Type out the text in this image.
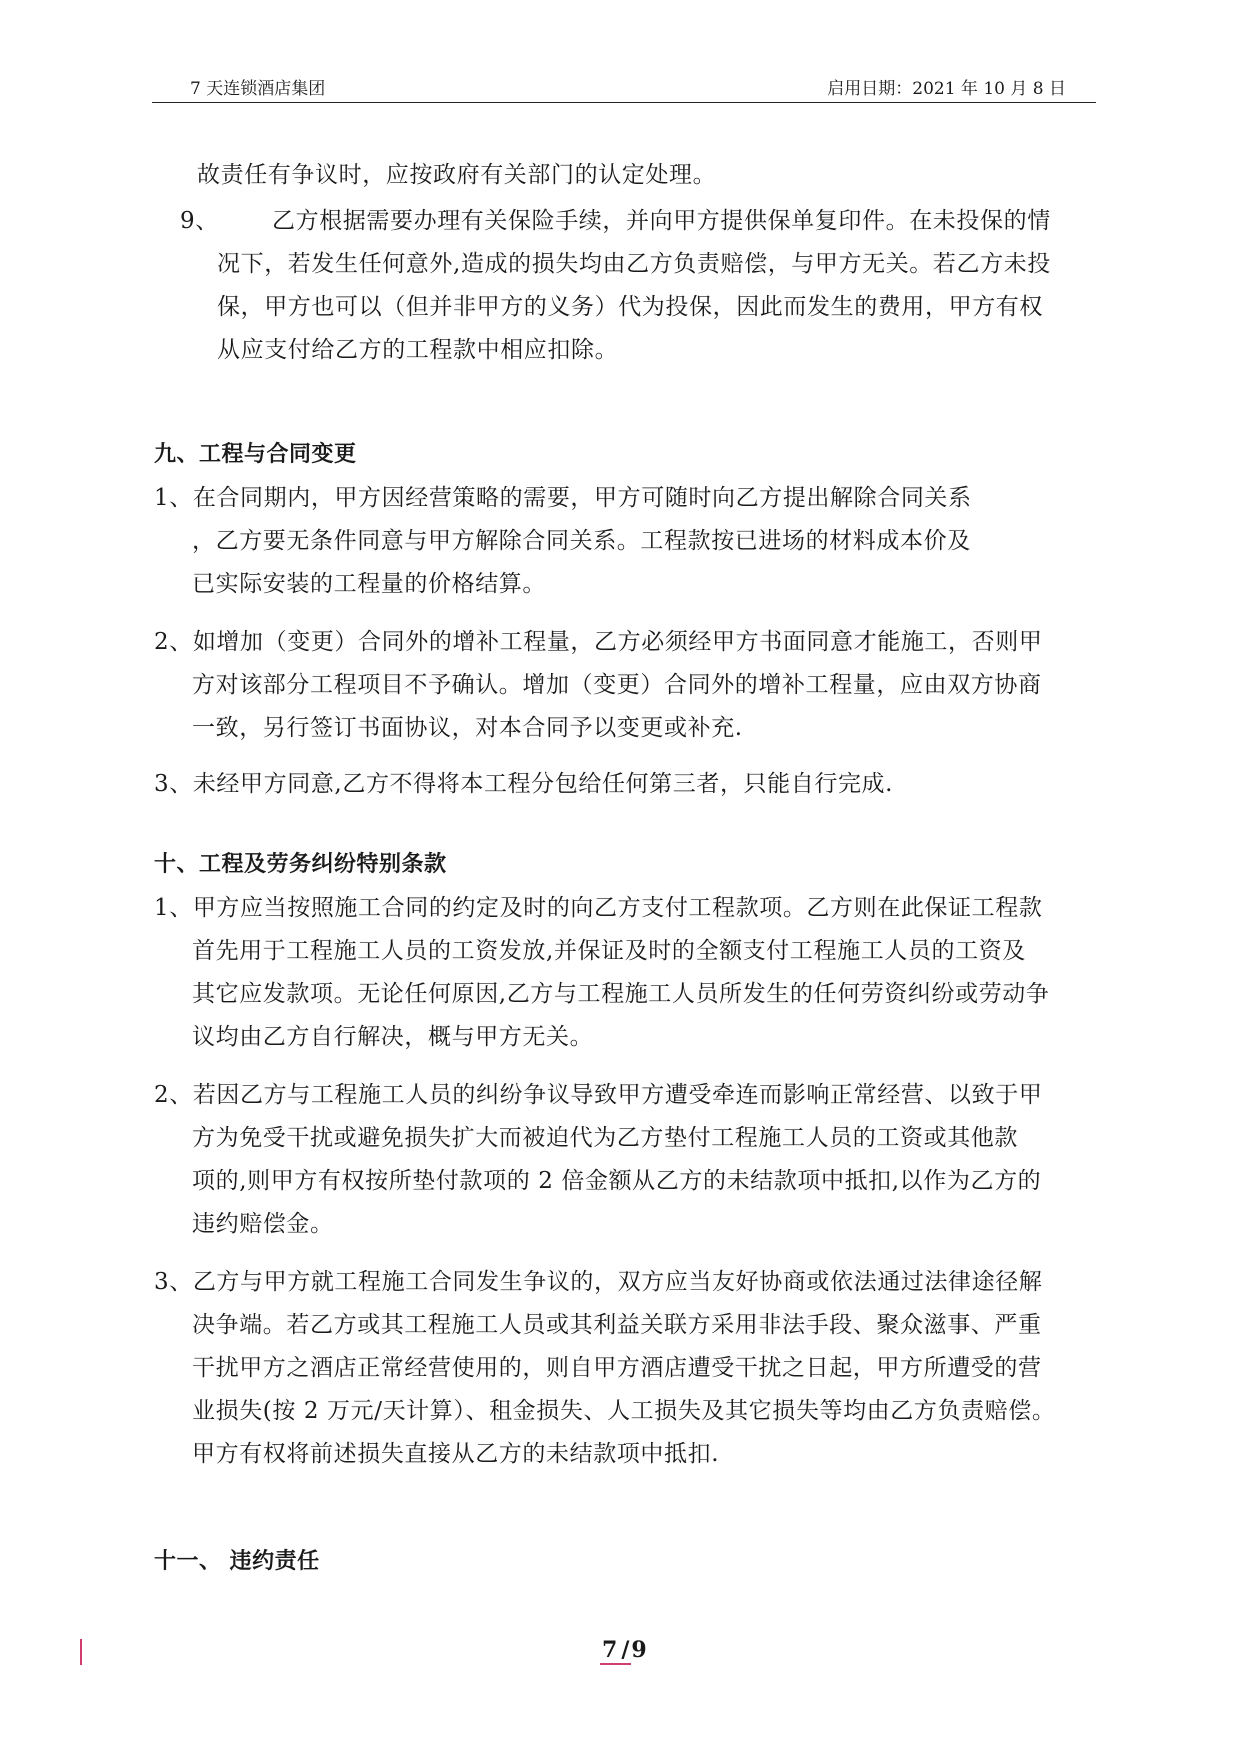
7 天连锁酒店集团	启用日期：2021 年 10 月 8 日
故责任有争议时，应按政府有关部门的认定处理。
9、 乙方根据需要办理有关保险手续，并向甲方提供保单复印件。在未投保的情
况下，若发生任何意外,造成的损失均由乙方负责赔偿，与甲方无关。若乙方未投
保，甲方也可以（但并非甲方的义务）代为投保，因此而发生的费用，甲方有权
从应支付给乙方的工程款中相应扣除。
九、工程与合同变更
1、在合同期内，甲方因经营策略的需要，甲方可随时向乙方提出解除合同关系
，乙方要无条件同意与甲方解除合同关系。工程款按已进场的材料成本价及
已实际安装的工程量的价格结算。
2、如增加（变更）合同外的增补工程量，乙方必须经甲方书面同意才能施工，否则甲
方对该部分工程项目不予确认。增加（变更）合同外的增补工程量，应由双方协商
一致，另行签订书面协议，对本合同予以变更或补充.
3、未经甲方同意,乙方不得将本工程分包给任何第三者，只能自行完成.
十、工程及劳务纠纷特别条款
1、甲方应当按照施工合同的约定及时的向乙方支付工程款项。乙方则在此保证工程款
首先用于工程施工人员的工资发放,并保证及时的全额支付工程施工人员的工资及
其它应发款项。无论任何原因,乙方与工程施工人员所发生的任何劳资纠纷或劳动争
议均由乙方自行解决，概与甲方无关。
2、若因乙方与工程施工人员的纠纷争议导致甲方遭受牵连而影响正常经营、以致于甲
方为免受干扰或避免损失扩大而被迫代为乙方垫付工程施工人员的工资或其他款
项的,则甲方有权按所垫付款项的 2 倍金额从乙方的未结款项中抵扣,以作为乙方的
违约赔偿金。
3、乙方与甲方就工程施工合同发生争议的，双方应当友好协商或依法通过法律途径解
决争端。若乙方或其工程施工人员或其利益关联方采用非法手段、聚众滋事、严重
干扰甲方之酒店正常经营使用的，则自甲方酒店遭受干扰之日起，甲方所遭受的营
业损失(按 2 万元/天计算）、租金损失、人工损失及其它损失等均由乙方负责赔偿。
甲方有权将前述损失直接从乙方的未结款项中抵扣.
十一、 违约责任
7 /9
